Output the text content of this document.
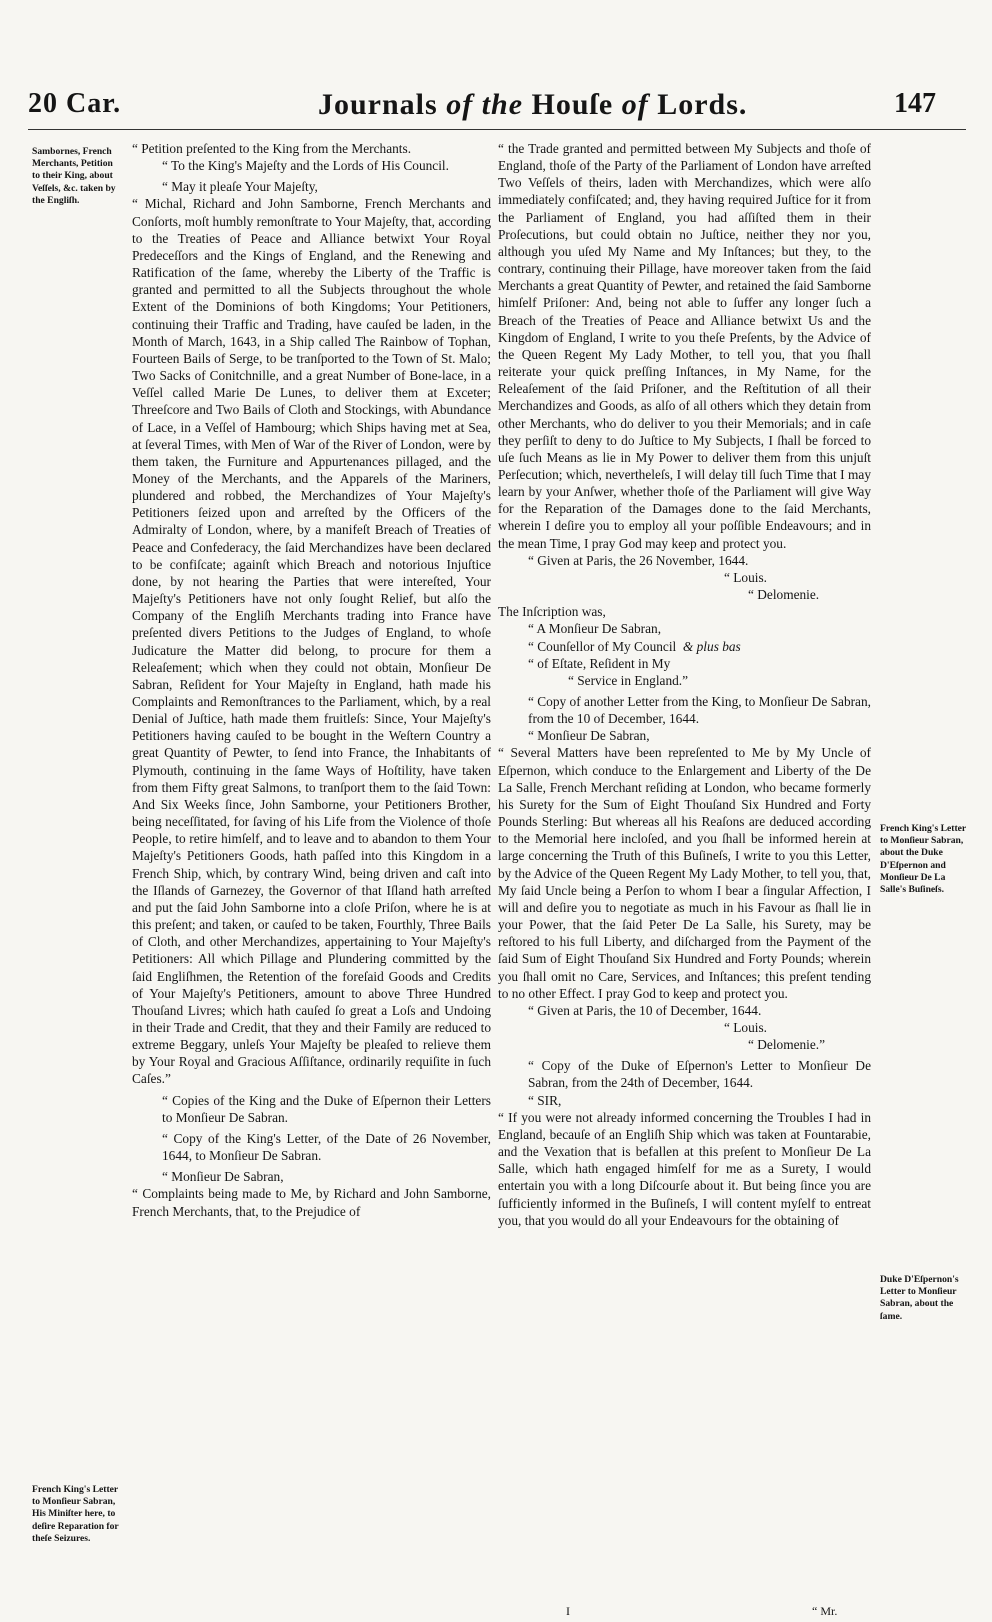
20 Car.	Journals of the Houſe of Lords.	147
Sambornes, French Merchants, Petition to their King, about Veſſels, &c. taken by the Engliſh.
French King's Letter to Monſieur Sabran, His Miniſter here, to deſire Reparation for theſe Seizures.
French King's Letter to Monſieur Sabran, about the Duke D'Eſpernon and Monſieur De La Salle's Buſineſs.
Duke D'Eſpernon's Letter to Monſieur Sabran, about the ſame.

“ Petition preſented to the King from the Merchants.

“ To the King's Majeſty and the Lords of His Council.

“ May it pleaſe Your Majeſty,

“ Michal, Richard and John Samborne, French Merchants and Conſorts, moſt humbly remonſtrate to Your Majeſty, that, according to the Treaties of Peace and Alliance betwixt Your Royal Predeceſſors and the Kings of England, and the Renewing and Ratification of the ſame, whereby the Liberty of the Traffic is granted and permitted to all the Subjects throughout the whole Extent of the Dominions of both Kingdoms; Your Petitioners, continuing their Traffic and Trading, have cauſed be laden, in the Month of March, 1643, in a Ship called The Rainbow of Tophan, Fourteen Bails of Serge, to be tranſported to the Town of St. Malo; Two Sacks of Conitchnille, and a great Number of Bone-lace, in a Veſſel called Marie De Lunes, to deliver them at Exceter; Threeſcore and Two Bails of Cloth and Stockings, with Abundance of Lace, in a Veſſel of Hambourg; which Ships having met at Sea, at ſeveral Times, with Men of War of the River of London, were by them taken, the Furniture and Appurtenances pillaged, and the Money of the Merchants, and the Apparels of the Mariners, plundered and robbed, the Merchandizes of Your Majeſty's Petitioners ſeized upon and arreſted by the Officers of the Admiralty of London, where, by a manifeſt Breach of Treaties of Peace and Confederacy, the ſaid Merchandizes have been declared to be confiſcate; againſt which Breach and notorious Injuſtice done, by not hearing the Parties that were intereſted, Your Majeſty's Petitioners have not only ſought Relief, but alſo the Company of the Engliſh Merchants trading into France have preſented divers Petitions to the Judges of England, to whoſe Judicature the Matter did belong, to procure for them a Releaſement; which when they could not obtain, Monſieur De Sabran, Reſident for Your Majeſty in England, hath made his Complaints and Remonſtrances to the Parliament, which, by a real Denial of Juſtice, hath made them fruitleſs: Since, Your Majeſty's Petitioners having cauſed to be bought in the Weſtern Country a great Quantity of Pewter, to ſend into France, the Inhabitants of Plymouth, continuing in the ſame Ways of Hoſtility, have taken from them Fifty great Salmons, to tranſport them to the ſaid Town: And Six Weeks ſince, John Samborne, your Petitioners Brother, being neceſſitated, for ſaving of his Life from the Violence of thoſe People, to retire himſelf, and to leave and to abandon to them Your Majeſty's Petitioners Goods, hath paſſed into this Kingdom in a French Ship, which, by contrary Wind, being driven and caſt into the Iſlands of Garnezey, the Governor of that Iſland hath arreſted and put the ſaid John Samborne into a cloſe Priſon, where he is at this preſent; and taken, or cauſed to be taken, Fourthly, Three Bails of Cloth, and other Merchandizes, appertaining to Your Majeſty's Petitioners: All which Pillage and Plundering committed by the ſaid Engliſhmen, the Retention of the foreſaid Goods and Credits of Your Majeſty's Petitioners, amount to above Three Hundred Thouſand Livres; which hath cauſed ſo great a Loſs and Undoing in their Trade and Credit, that they and their Family are reduced to extreme Beggary, unleſs Your Majeſty be pleaſed to relieve them by Your Royal and Gracious Aſſiſtance, ordinarily requiſite in ſuch Caſes.”

“ Copies of the King and the Duke of Eſpernon their Letters to Monſieur De Sabran.

“ Copy of the King's Letter, of the Date of 26 November, 1644, to Monſieur De Sabran.

“ Monſieur De Sabran,

“ Complaints being made to Me, by Richard and John Samborne, French Merchants, that, to the Prejudice of

“ the Trade granted and permitted between My Subjects and thoſe of England, thoſe of the Party of the Parliament of London have arreſted Two Veſſels of theirs, laden with Merchandizes, which were alſo immediately confiſcated; and, they having required Juſtice for it from the Parliament of England, you had aſſiſted them in their Proſecutions, but could obtain no Juſtice, neither they nor you, although you uſed My Name and My Inſtances; but they, to the contrary, continuing their Pillage, have moreover taken from the ſaid Merchants a great Quantity of Pewter, and retained the ſaid Samborne himſelf Priſoner: And, being not able to ſuffer any longer ſuch a Breach of the Treaties of Peace and Alliance betwixt Us and the Kingdom of England, I write to you theſe Preſents, by the Advice of the Queen Regent My Lady Mother, to tell you, that you ſhall reiterate your quick preſſing Inſtances, in My Name, for the Releaſement of the ſaid Priſoner, and the Reſtitution of all their Merchandizes and Goods, as alſo of all others which they detain from other Merchants, who do deliver to you their Memorials; and in caſe they perſiſt to deny to do Juſtice to My Subjects, I ſhall be forced to uſe ſuch Means as lie in My Power to deliver them from this unjuſt Perſecution; which, nevertheleſs, I will delay till ſuch Time that I may learn by your Anſwer, whether thoſe of the Parliament will give Way for the Reparation of the Damages done to the ſaid Merchants, wherein I deſire you to employ all your poſſible Endeavours; and in the mean Time, I pray God may keep and protect you.

“ Given at Paris, the 26 November, 1644.

“ Louis.

“ Delomenie.

The Inſcription was,

“ A Monſieur De Sabran,

“ Counſellor of My Council & plus bas

“ of Eſtate, Reſident in My

“ Service in England.”

“ Copy of another Letter from the King, to Monſieur De Sabran, from the 10 of December, 1644.

“ Monſieur De Sabran,

“ Several Matters have been repreſented to Me by My Uncle of Eſpernon, which conduce to the Enlargement and Liberty of the De La Salle, French Merchant reſiding at London, who became formerly his Surety for the Sum of Eight Thouſand Six Hundred and Forty Pounds Sterling: But whereas all his Reaſons are deduced according to the Memorial here incloſed, and you ſhall be informed herein at large concerning the Truth of this Buſineſs, I write to you this Letter, by the Advice of the Queen Regent My Lady Mother, to tell you, that, My ſaid Uncle being a Perſon to whom I bear a ſingular Affection, I will and deſire you to negotiate as much in his Favour as ſhall lie in your Power, that the ſaid Peter De La Salle, his Surety, may be reſtored to his full Liberty, and diſcharged from the Payment of the ſaid Sum of Eight Thouſand Six Hundred and Forty Pounds; wherein you ſhall omit no Care, Services, and Inſtances; this preſent tending to no other Effect. I pray God to keep and protect you.

“ Given at Paris, the 10 of December, 1644.

“ Louis.

“ Delomenie.”

“ Copy of the Duke of Eſpernon's Letter to Monſieur De Sabran, from the 24th of December, 1644.

“ SIR,

“ If you were not already informed concerning the Troubles I had in England, becauſe of an Engliſh Ship which was taken at Fountarabie, and the Vexation that is befallen at this preſent to Monſieur De La Salle, which hath engaged himſelf for me as a Surety, I would entertain you with a long Diſcourſe about it. But being ſince you are ſufficiently informed in the Buſineſs, I will content myſelf to entreat you, that you would do all your Endeavours for the obtaining of

I	“ Mr.
